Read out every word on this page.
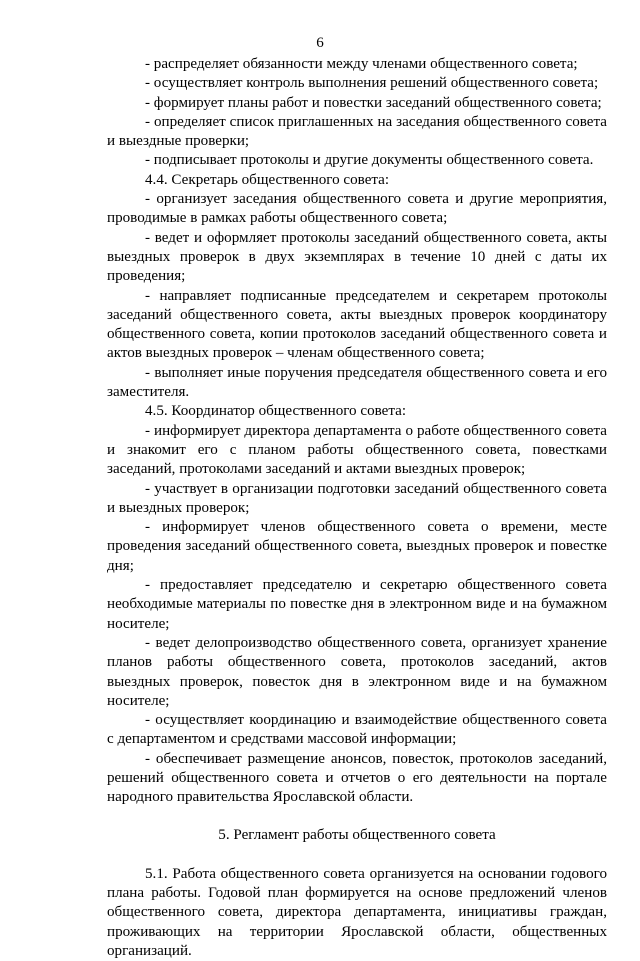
6

- распределяет обязанности между членами общественного совета;

- осуществляет контроль выполнения решений общественного совета;

- формирует планы работ и повестки заседаний общественного совета;

- определяет список приглашенных на заседания общественного совета и выездные проверки;

- подписывает протоколы и другие документы общественного совета.

4.4. Секретарь общественного совета:

- организует заседания общественного совета и другие мероприятия, проводимые в рамках работы общественного совета;

- ведет и оформляет протоколы заседаний общественного совета, акты выездных проверок в двух экземплярах в течение 10 дней с даты их проведения;

- направляет подписанные председателем и секретарем протоколы заседаний общественного совета, акты выездных проверок координатору общественного совета, копии протоколов заседаний общественного совета и актов выездных проверок – членам общественного совета;

- выполняет иные поручения председателя общественного совета и его заместителя.

4.5. Координатор общественного совета:

- информирует директора департамента о работе общественного совета и знакомит его с планом работы общественного совета, повестками заседаний, протоколами заседаний и актами выездных проверок;

- участвует в организации подготовки заседаний общественного совета и выездных проверок;

- информирует членов общественного совета о времени, месте проведения заседаний общественного совета, выездных проверок и повестке дня;

- предоставляет председателю и секретарю общественного совета необходимые материалы по повестке дня в электронном виде и на бумажном носителе;

- ведет делопроизводство общественного совета, организует хранение планов работы общественного совета, протоколов заседаний, актов выездных проверок, повесток дня в электронном виде и на бумажном носителе;

- осуществляет координацию и взаимодействие общественного совета с департаментом и средствами массовой информации;

- обеспечивает размещение анонсов, повесток, протоколов заседаний, решений общественного совета и отчетов о его деятельности на портале народного правительства Ярославской области.

5. Регламент работы общественного совета

5.1. Работа общественного совета организуется на основании годового плана работы. Годовой план формируется на основе предложений членов общественного совета, директора департамента, инициативы граждан, проживающих на территории Ярославской области, общественных организаций.
